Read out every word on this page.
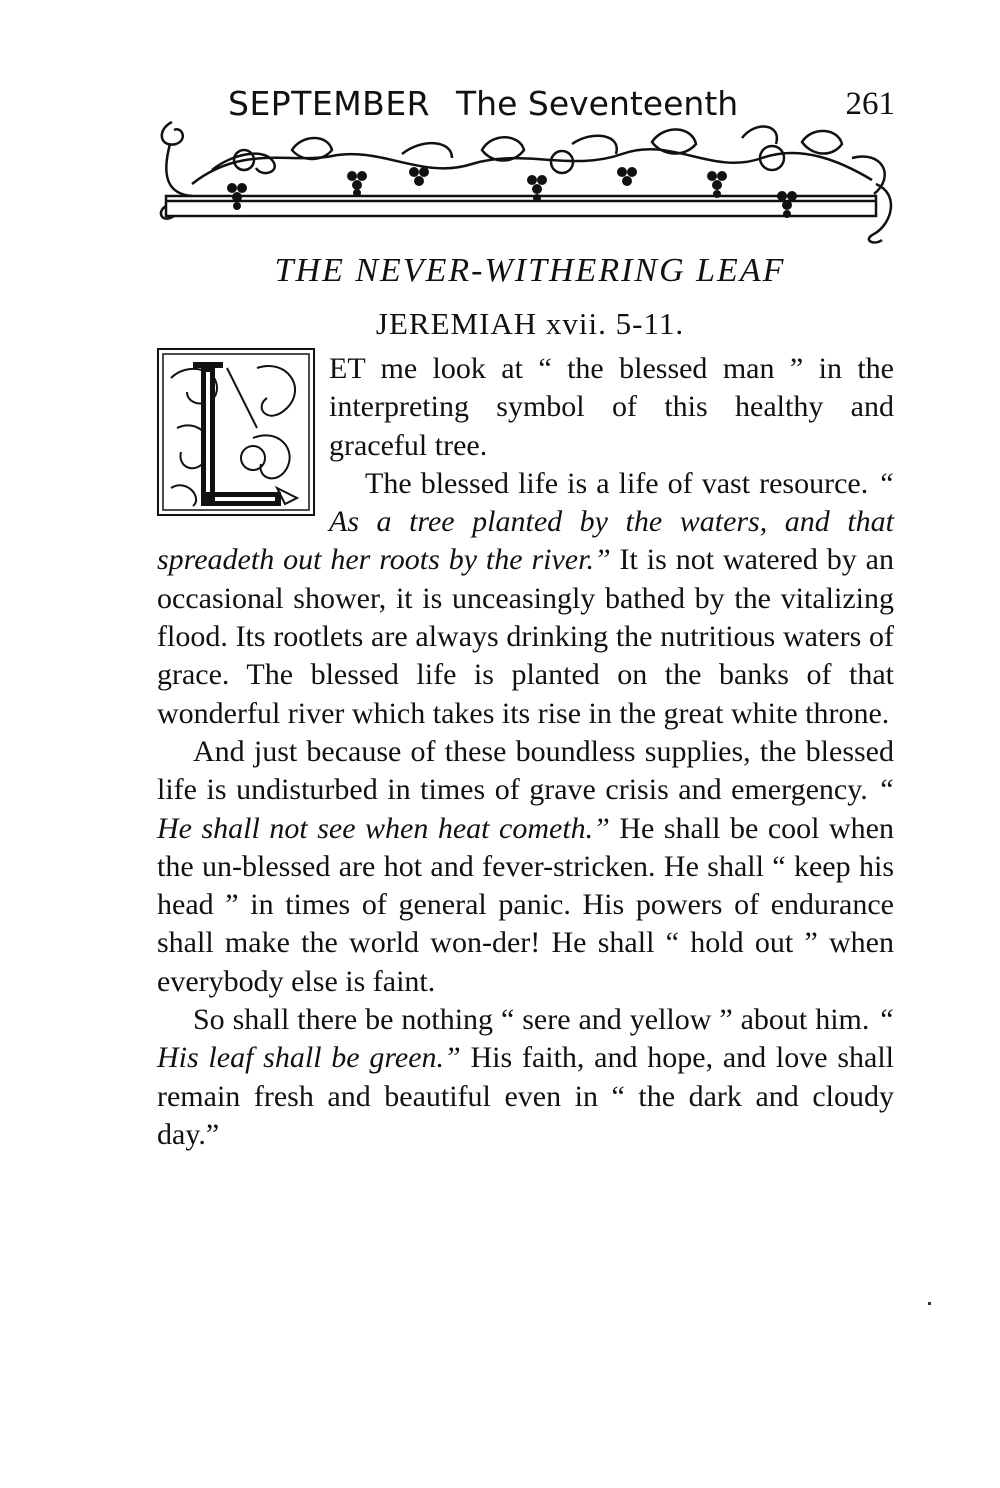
SEPTEMBER The Seventeenth	261
THE NEVER-WITHERING LEAF
JEREMIAH xvii. 5-11.

ET me look at “ the blessed man ” in the interpreting symbol of this healthy and graceful tree.

The blessed life is a life of vast resource. “ As a tree planted by the waters, and that spreadeth out her roots by the river.” It is not watered by an occasional shower, it is unceasingly bathed by the vitalizing flood. Its rootlets are always drinking the nutritious waters of grace. The blessed life is planted on the banks of that wonderful river which takes its rise in the great white throne.

And just because of these boundless supplies, the blessed life is undisturbed in times of grave crisis and emergency. “ He shall not see when heat cometh.” He shall be cool when the un-blessed are hot and fever-stricken. He shall “ keep his head ” in times of general panic. His powers of endurance shall make the world won-der! He shall “ hold out ” when everybody else is faint.

So shall there be nothing “ sere and yellow ” about him. “ His leaf shall be green.” His faith, and hope, and love shall remain fresh and beautiful even in “ the dark and cloudy day.”
